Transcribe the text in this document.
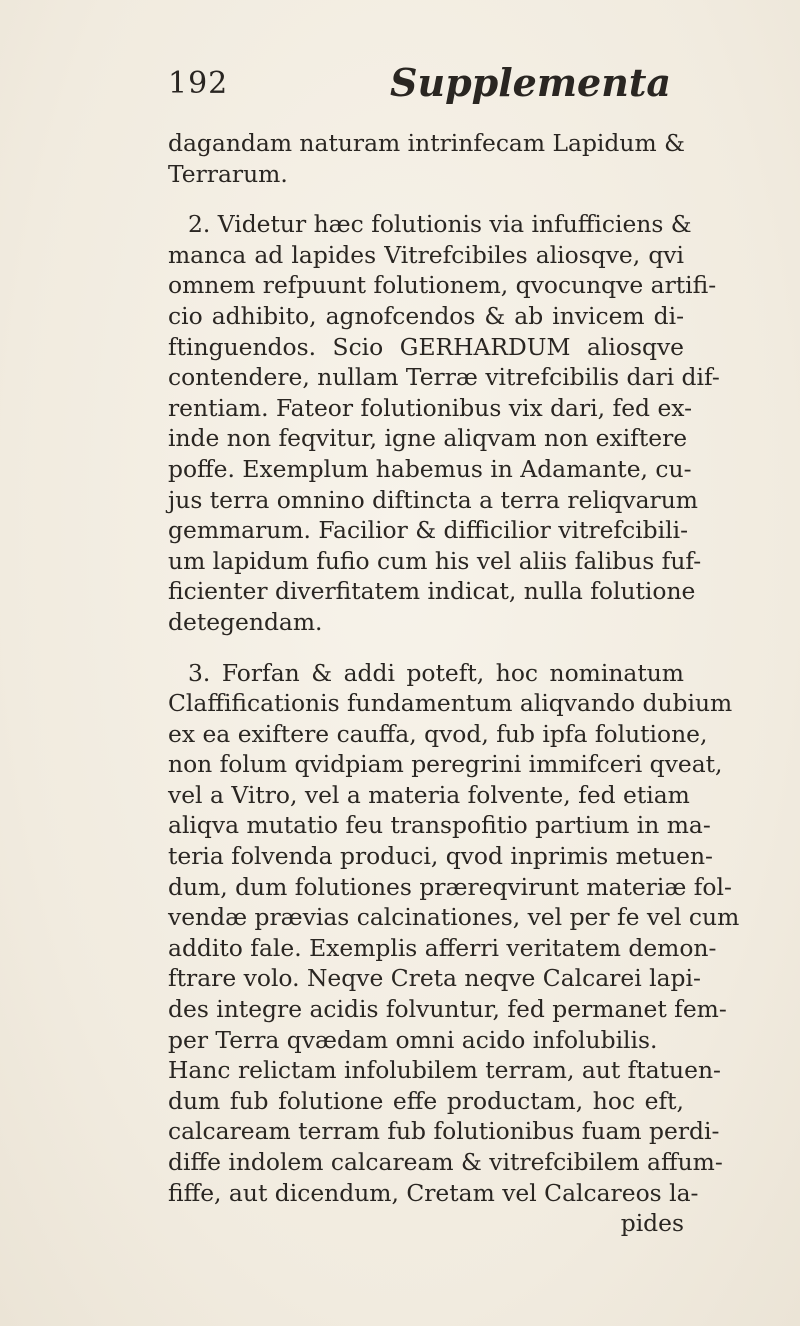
192	Supplementa
dagandam naturam intrinfecam Lapidum &
Terrarum.
2. Videtur hæc folutionis via infufficiens &
manca ad lapides Vitrefcibiles aliosqve, qvi
omnem refpuunt folutionem, qvocunqve artifi-
cio adhibito, agnofcendos & ab invicem di-
ftinguendos. Scio GERHARDUM aliosqve
contendere, nullam Terræ vitrefcibilis dari dif-
rentiam. Fateor folutionibus vix dari, fed ex-
inde non feqvitur, igne aliqvam non exiftere
poffe. Exemplum habemus in Adamante, cu-
jus terra omnino diftincta a terra reliqvarum
gemmarum. Facilior & difficilior vitrefcibili-
um lapidum fufio cum his vel aliis falibus fuf-
ficienter diverfitatem indicat, nulla folutione
detegendam.
3. Forfan & addi poteft, hoc nominatum
Claffificationis fundamentum aliqvando dubium
ex ea exiftere cauffa, qvod, fub ipfa folutione,
non folum qvidpiam peregrini immifceri qveat,
vel a Vitro, vel a materia folvente, fed etiam
aliqva mutatio feu transpofitio partium in ma-
teria folvenda produci, qvod inprimis metuen-
dum, dum folutiones præreqvirunt materiæ fol-
vendæ prævias calcinationes, vel per fe vel cum
addito fale. Exemplis afferri veritatem demon-
ftrare volo. Neqve Creta neqve Calcarei lapi-
des integre acidis folvuntur, fed permanet fem-
per Terra qvædam omni acido infolubilis.
Hanc relictam infolubilem terram, aut ftatuen-
dum fub folutione effe productam, hoc eft,
calcaream terram fub folutionibus fuam perdi-
diffe indolem calcaream & vitrefcibilem affum-
fiffe, aut dicendum, Cretam vel Calcareos la-
pides
